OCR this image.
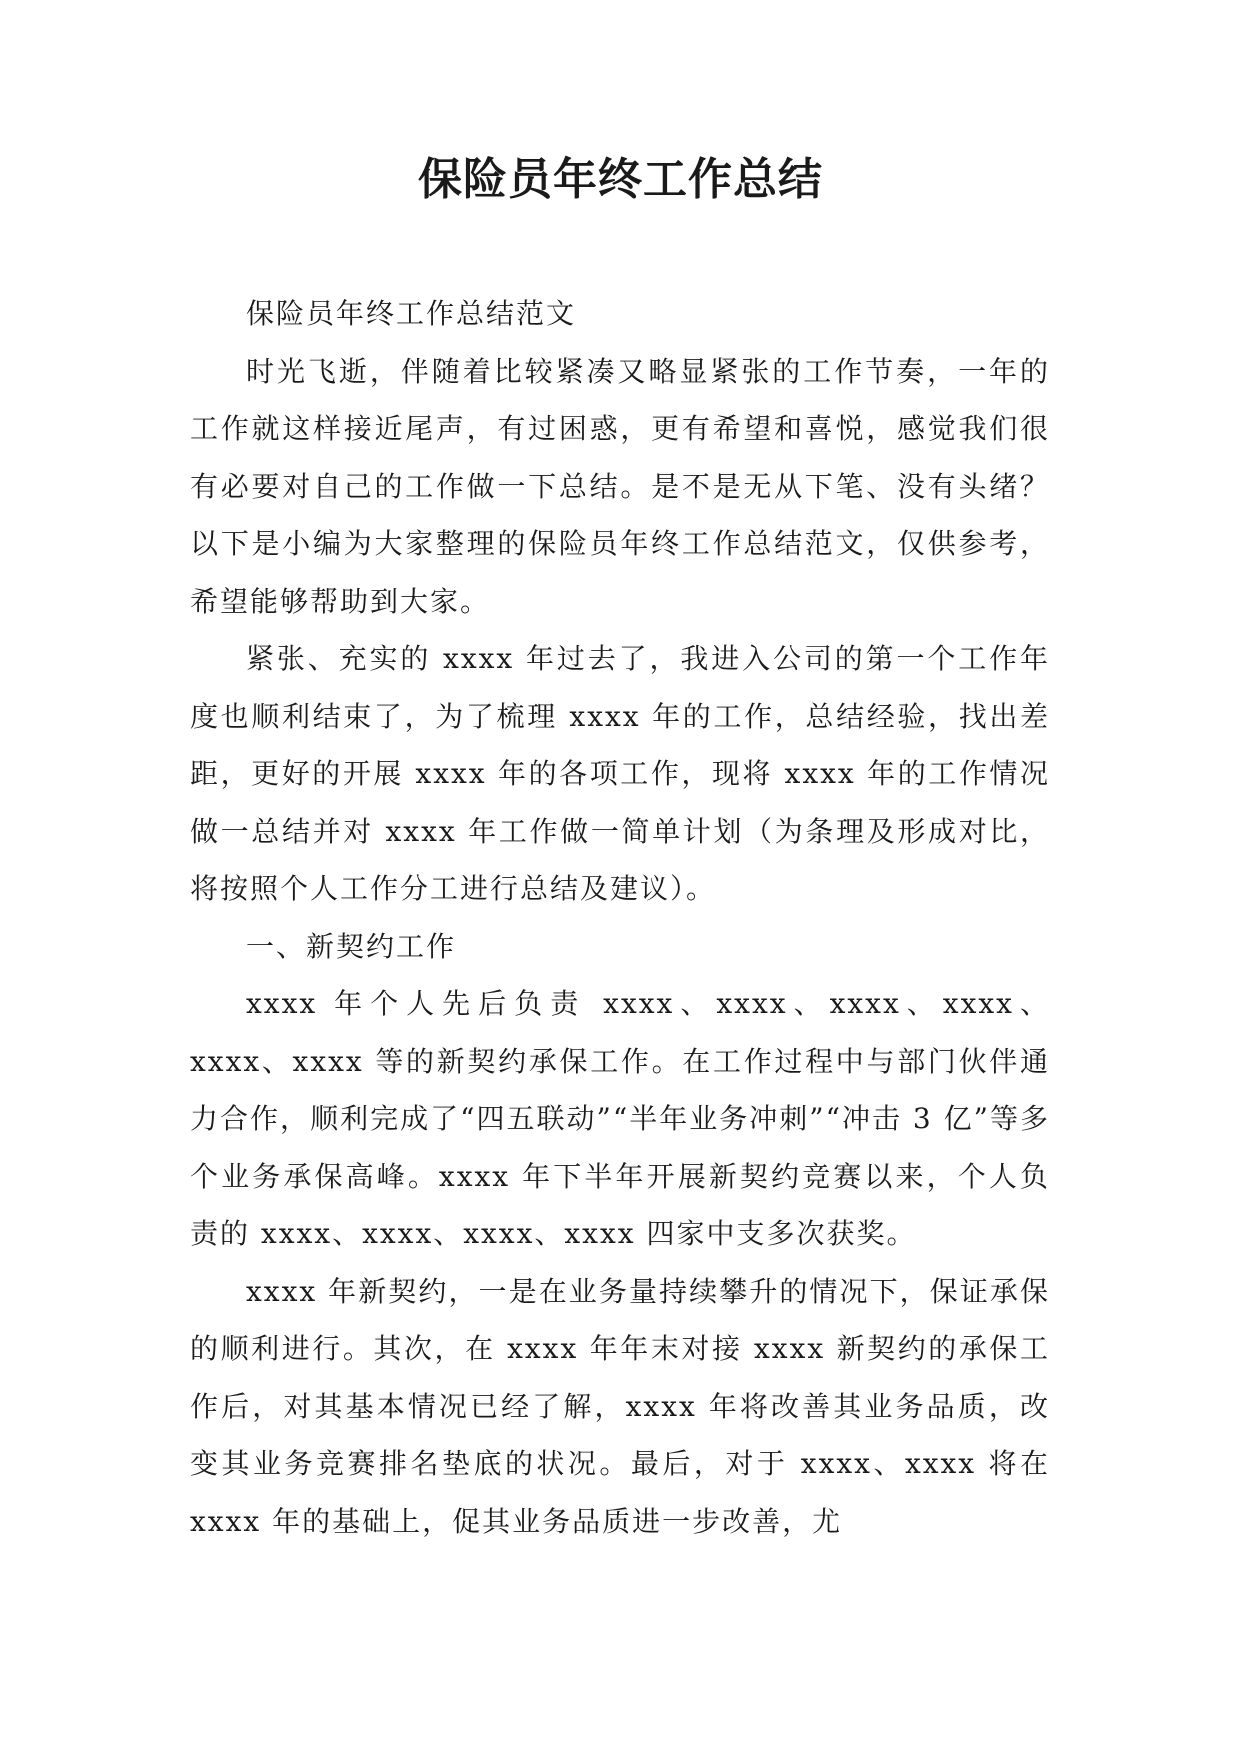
保险员年终工作总结

保险员年终工作总结范文

时光飞逝，伴随着比较紧凑又略显紧张的工作节奏，一年的工作就这样接近尾声，有过困惑，更有希望和喜悦，感觉我们很有必要对自己的工作做一下总结。是不是无从下笔、没有头绪？以下是小编为大家整理的保险员年终工作总结范文，仅供参考，希望能够帮助到大家。

紧张、充实的 xxxx 年过去了，我进入公司的第一个工作年度也顺利结束了，为了梳理 xxxx 年的工作，总结经验，找出差距，更好的开展 xxxx 年的各项工作，现将 xxxx 年的工作情况做一总结并对 xxxx 年工作做一简单计划（为条理及形成对比，将按照个人工作分工进行总结及建议）。

一、新契约工作

xxxx 年个人先后负责 xxxx、xxxx、xxxx、xxxx、xxxx、xxxx 等的新契约承保工作。在工作过程中与部门伙伴通力合作，顺利完成了“四五联动”“半年业务冲刺”“冲击 3 亿”等多个业务承保高峰。xxxx 年下半年开展新契约竞赛以来，个人负责的 xxxx、xxxx、xxxx、xxxx 四家中支多次获奖。

xxxx 年新契约，一是在业务量持续攀升的情况下，保证承保的顺利进行。其次，在 xxxx 年年末对接 xxxx 新契约的承保工作后，对其基本情况已经了解，xxxx 年将改善其业务品质，改变其业务竞赛排名垫底的状况。最后，对于 xxxx、xxxx 将在 xxxx 年的基础上，促其业务品质进一步改善，尤
